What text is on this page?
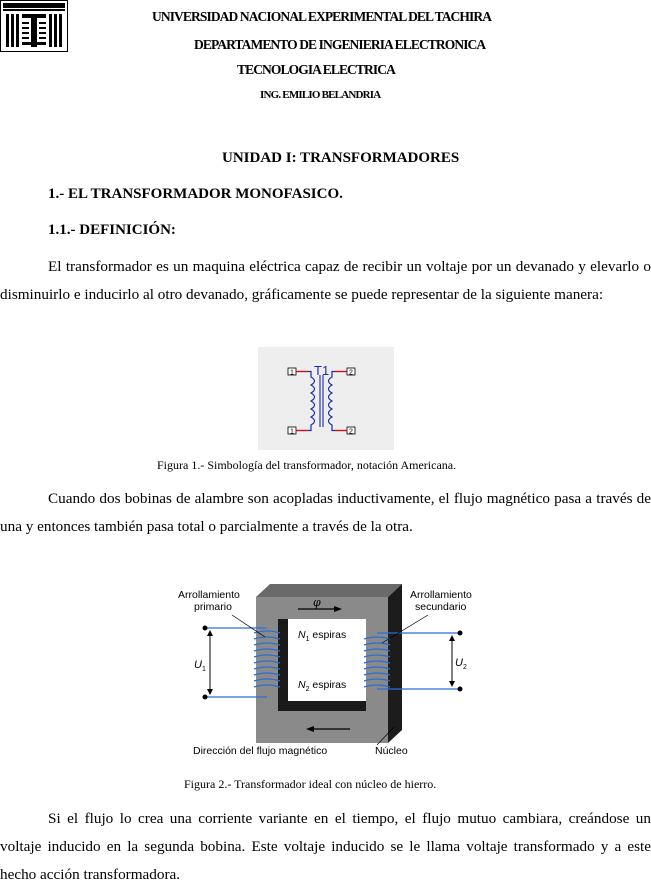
UNIVERSIDAD NACIONAL EXPERIMENTAL DEL TACHIRA
DEPARTAMENTO DE INGENIERIA ELECTRONICA
TECNOLOGIA ELECTRICA
ING. EMILIO BELANDRIA
UNIDAD I: TRANSFORMADORES
1.- EL TRANSFORMADOR MONOFASICO.
1.1.- DEFINICIÓN:
El transformador es un maquina eléctrica capaz de recibir un voltaje por un devanado y elevarlo o disminuirlo e inducirlo al otro devanado, gráficamente se puede representar de la siguiente manera:
T1
1	2
1	2
Figura 1.- Simbología del transformador, notación Americana.
Cuando dos bobinas de alambre son acopladas inductivamente, el flujo magnético pasa a través de una y entonces también pasa total o parcialmente a través de la otra.
Arrollamiento
primario
Arrollamiento
secundario
φ
$N_1$ espiras
$N_2$ espiras
$U_1$
$U_2$
Dirección del flujo magnético	Núcleo
Figura 2.- Transformador ideal con núcleo de hierro.
Si el flujo lo crea una corriente variante en el tiempo, el flujo mutuo cambiara, creándose un voltaje inducido en la segunda bobina. Este voltaje inducido se le llama voltaje transformado y a este hecho acción transformadora.
